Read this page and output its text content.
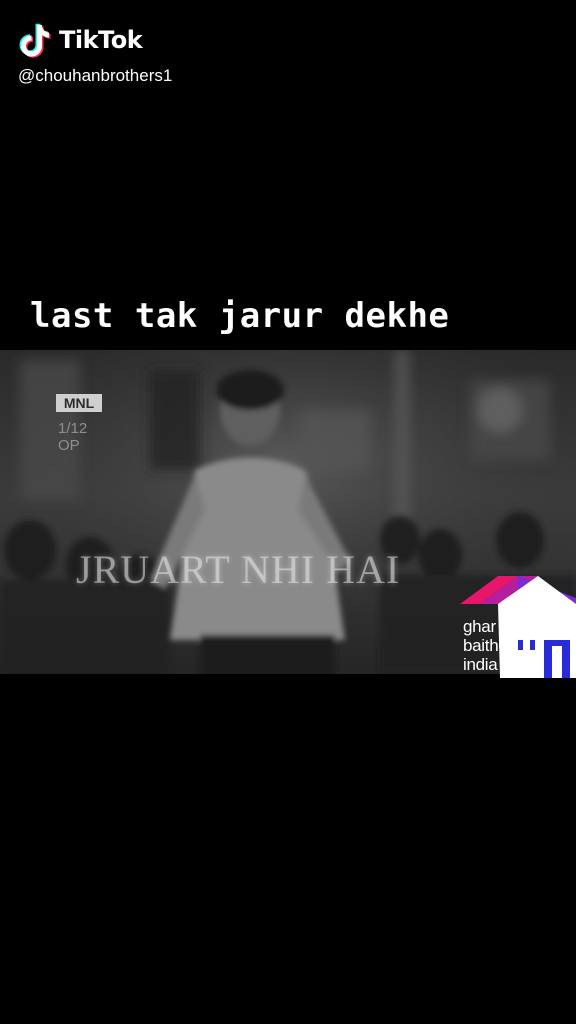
TikTok
@chouhanbrothers1
last tak jarur dekhe
MNL
1/12
OP
JRUART NHI HAI
ghar
baitho
india
